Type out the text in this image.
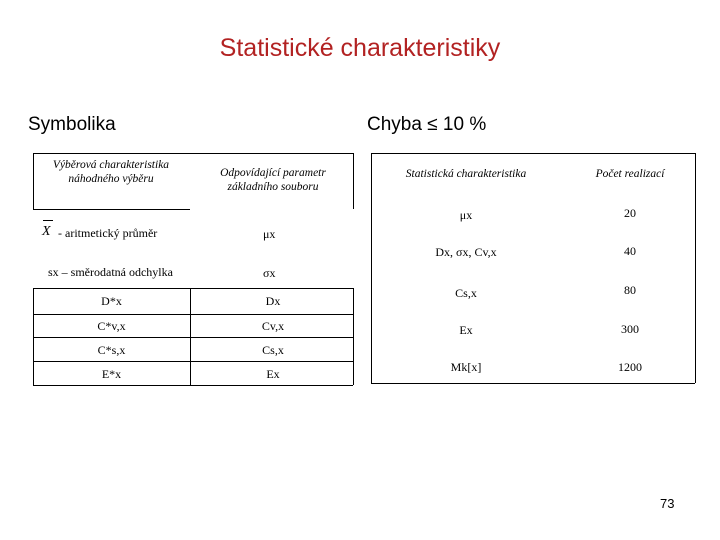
Statistické charakteristiky
Symbolika	Chyba ≤ 10 %
Výběrová charakteristika náhodného výběru	Odpovídající parametr základního souboru
X - aritmetický průměr	μx
sx – směrodatná odchylka	σx
D*x	Dx
C*v,x	Cv,x
C*s,x	Cs,x
E*x	Ex
Statistická charakteristika	Počet realizací
μx	20
Dx, σx, Cv,x	40
Cs,x	80
Ex	300
Mk[x]	1200
73
